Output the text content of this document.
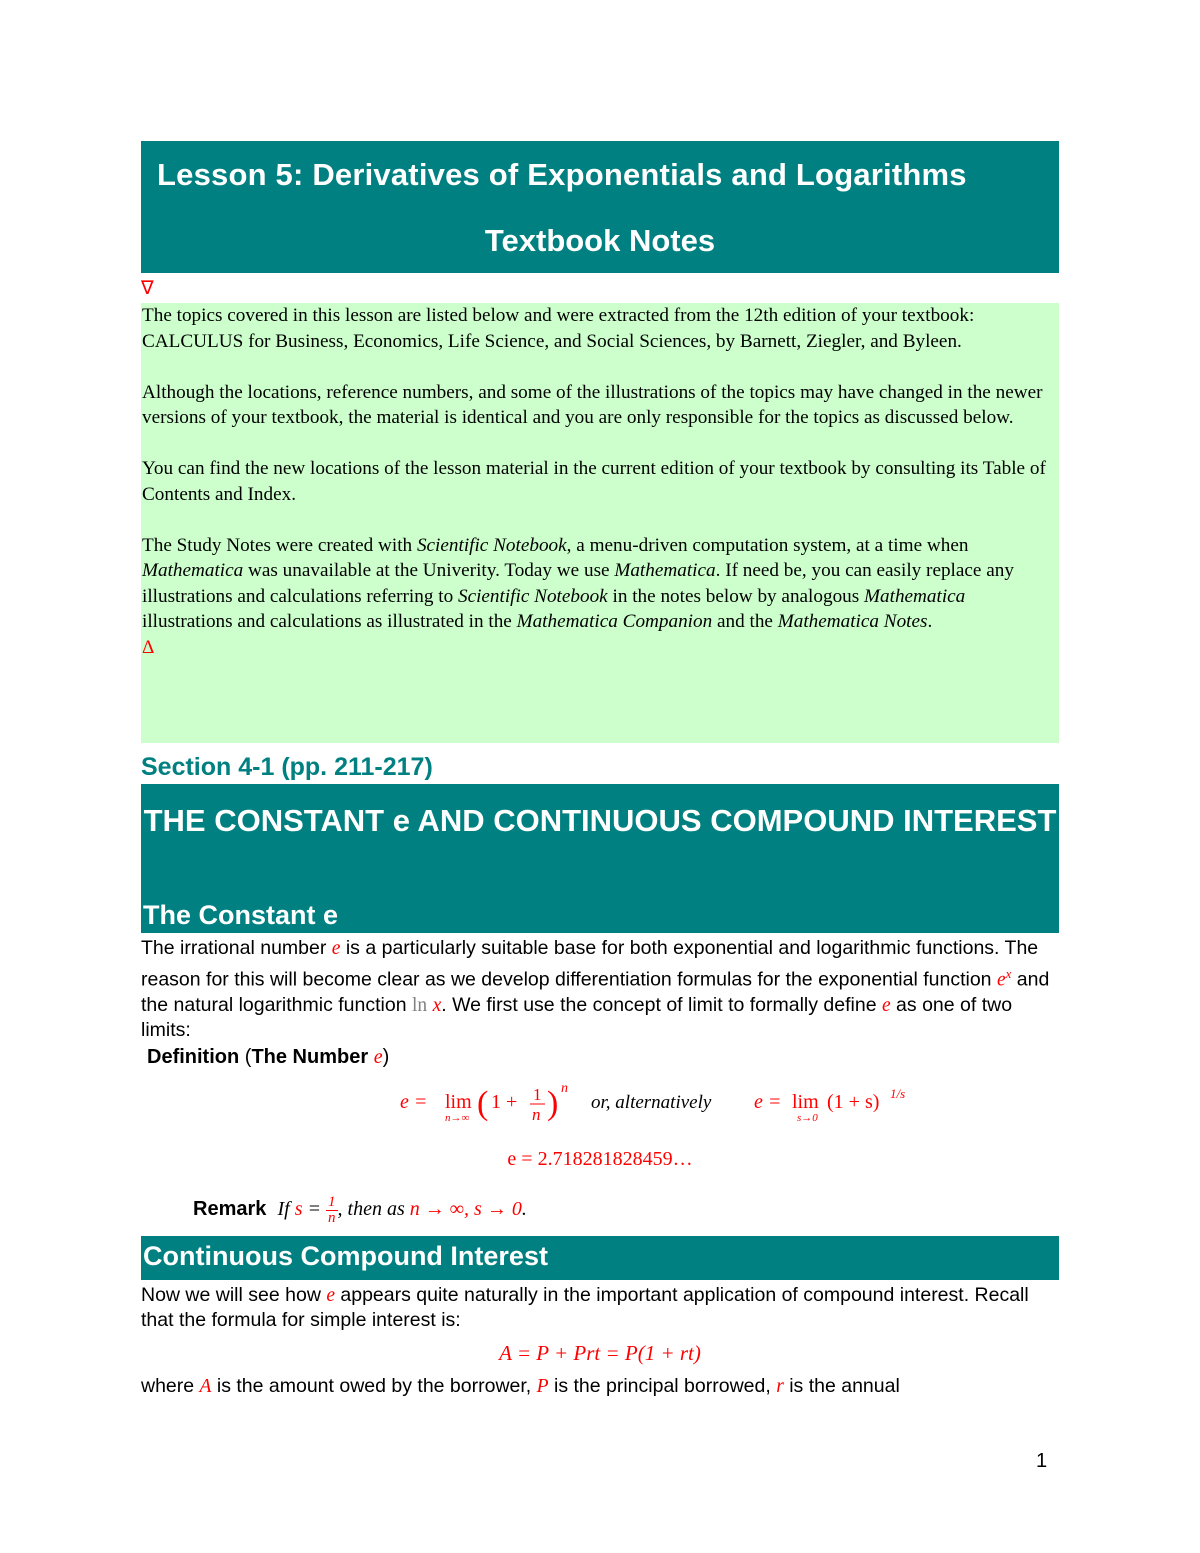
Lesson 5: Derivatives of Exponentials and Logarithms
Textbook Notes
∇

The topics covered in this lesson are listed below and were extracted from the 12th edition of your textbook: CALCULUS for Business, Economics, Life Science, and Social Sciences, by Barnett, Ziegler, and Byleen.

Although the locations, reference numbers, and some of the illustrations of the topics may have changed in the newer versions of your textbook, the material is identical and you are only responsible for the topics as discussed below.

You can find the new locations of the lesson material in the current edition of your textbook by consulting its Table of Contents and Index.

The Study Notes were created with Scientific Notebook, a menu-driven computation system, at a time when Mathematica was unavailable at the Univerity. Today we use Mathematica. If need be, you can easily replace any illustrations and calculations referring to Scientific Notebook in the notes below by analogous Mathematica illustrations and calculations as illustrated in the Mathematica Companion and the Mathematica Notes.

Δ
Section 4-1 (pp. 211-217)
THE CONSTANT e AND CONTINUOUS COMPOUND INTEREST
The Constant e
The irrational number e is a particularly suitable base for both exponential and logarithmic functions. The reason for this will become clear as we develop differentiation formulas for the exponential function $e^x$ and the natural logarithmic function ln x. We first use the concept of limit to formally define e as one of two limits:
Definition (The Number e)
e = lim
n→∞ ( 1 + 1
n ) n
or, alternatively e = lim
s→0
(1 + s) 1/s
e = 2.718281828459…
Remark If $s = \frac{1}{n}$ , then as n → ∞, s → 0.
Continuous Compound Interest
Now we will see how e appears quite naturally in the important application of compound interest. Recall that the formula for simple interest is:
A = P + Prt = P(1 + rt)
where A is the amount owed by the borrower, P is the principal borrowed, r is the annual
1
